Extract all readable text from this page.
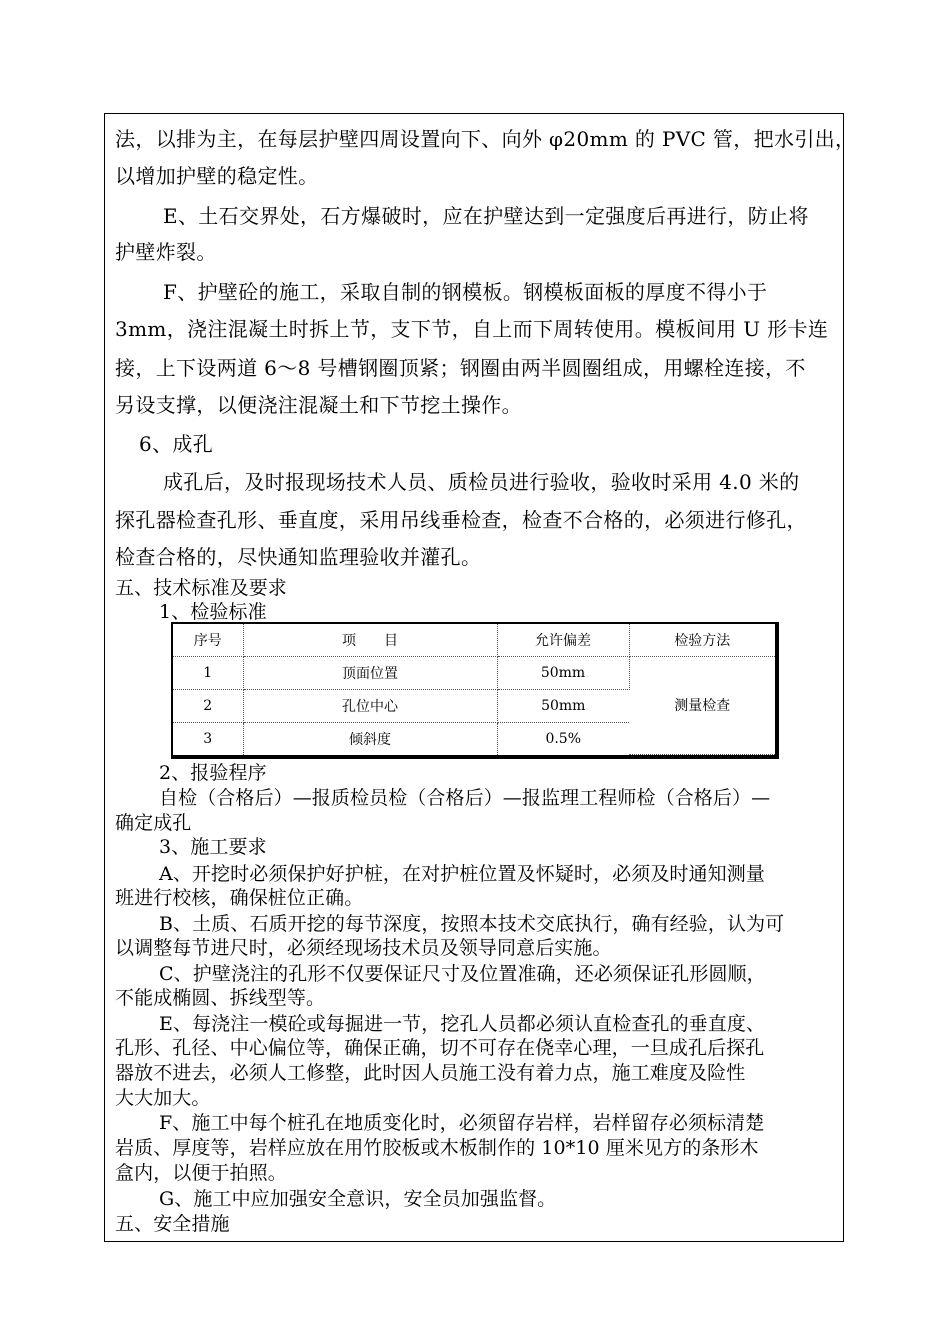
法，以排为主，在每层护壁四周设置向下、向外 φ20mm 的 PVC 管，把水引出，

以增加护壁的稳定性。

E、土石交界处，石方爆破时，应在护壁达到一定强度后再进行，防止将

护壁炸裂。

F、护壁砼的施工，采取自制的钢模板。钢模板面板的厚度不得小于

3mm，浇注混凝土时拆上节，支下节，自上而下周转使用。模板间用 U 形卡连

接，上下设两道 6～8 号槽钢圈顶紧；钢圈由两半圆圈组成，用螺栓连接，不

另设支撑，以便浇注混凝土和下节挖土操作。

6、成孔

成孔后，及时报现场技术人员、质检员进行验收，验收时采用 4.0 米的

探孔器检查孔形、垂直度，采用吊线垂检查，检查不合格的，必须进行修孔，

检查合格的，尽快通知监理验收并灌孔。

五、技术标准及要求

1、检验标准

序号	项　　目	允许偏差	检验方法
1	顶面位置	50mm	测量检查
2	孔位中心	50mm	
3	倾斜度	0.5%	

2、报验程序

自检（合格后）—报质检员检（合格后）—报监理工程师检（合格后）—

确定成孔

3、施工要求

A、开挖时必须保护好护桩，在对护桩位置及怀疑时，必须及时通知测量

班进行校核，确保桩位正确。

B、土质、石质开挖的每节深度，按照本技术交底执行，确有经验，认为可

以调整每节进尺时，必须经现场技术员及领导同意后实施。

C、护壁浇注的孔形不仅要保证尺寸及位置准确，还必须保证孔形圆顺，

不能成椭圆、拆线型等。

E、每浇注一模砼或每掘进一节，挖孔人员都必须认直检查孔的垂直度、

孔形、孔径、中心偏位等，确保正确，切不可存在侥幸心理，一旦成孔后探孔

器放不进去，必须人工修整，此时因人员施工没有着力点，施工难度及险性

大大加大。

F、施工中每个桩孔在地质变化时，必须留存岩样，岩样留存必须标清楚

岩质、厚度等，岩样应放在用竹胶板或木板制作的 10*10 厘米见方的条形木

盒内，以便于拍照。

G、施工中应加强安全意识，安全员加强监督。

五、安全措施
